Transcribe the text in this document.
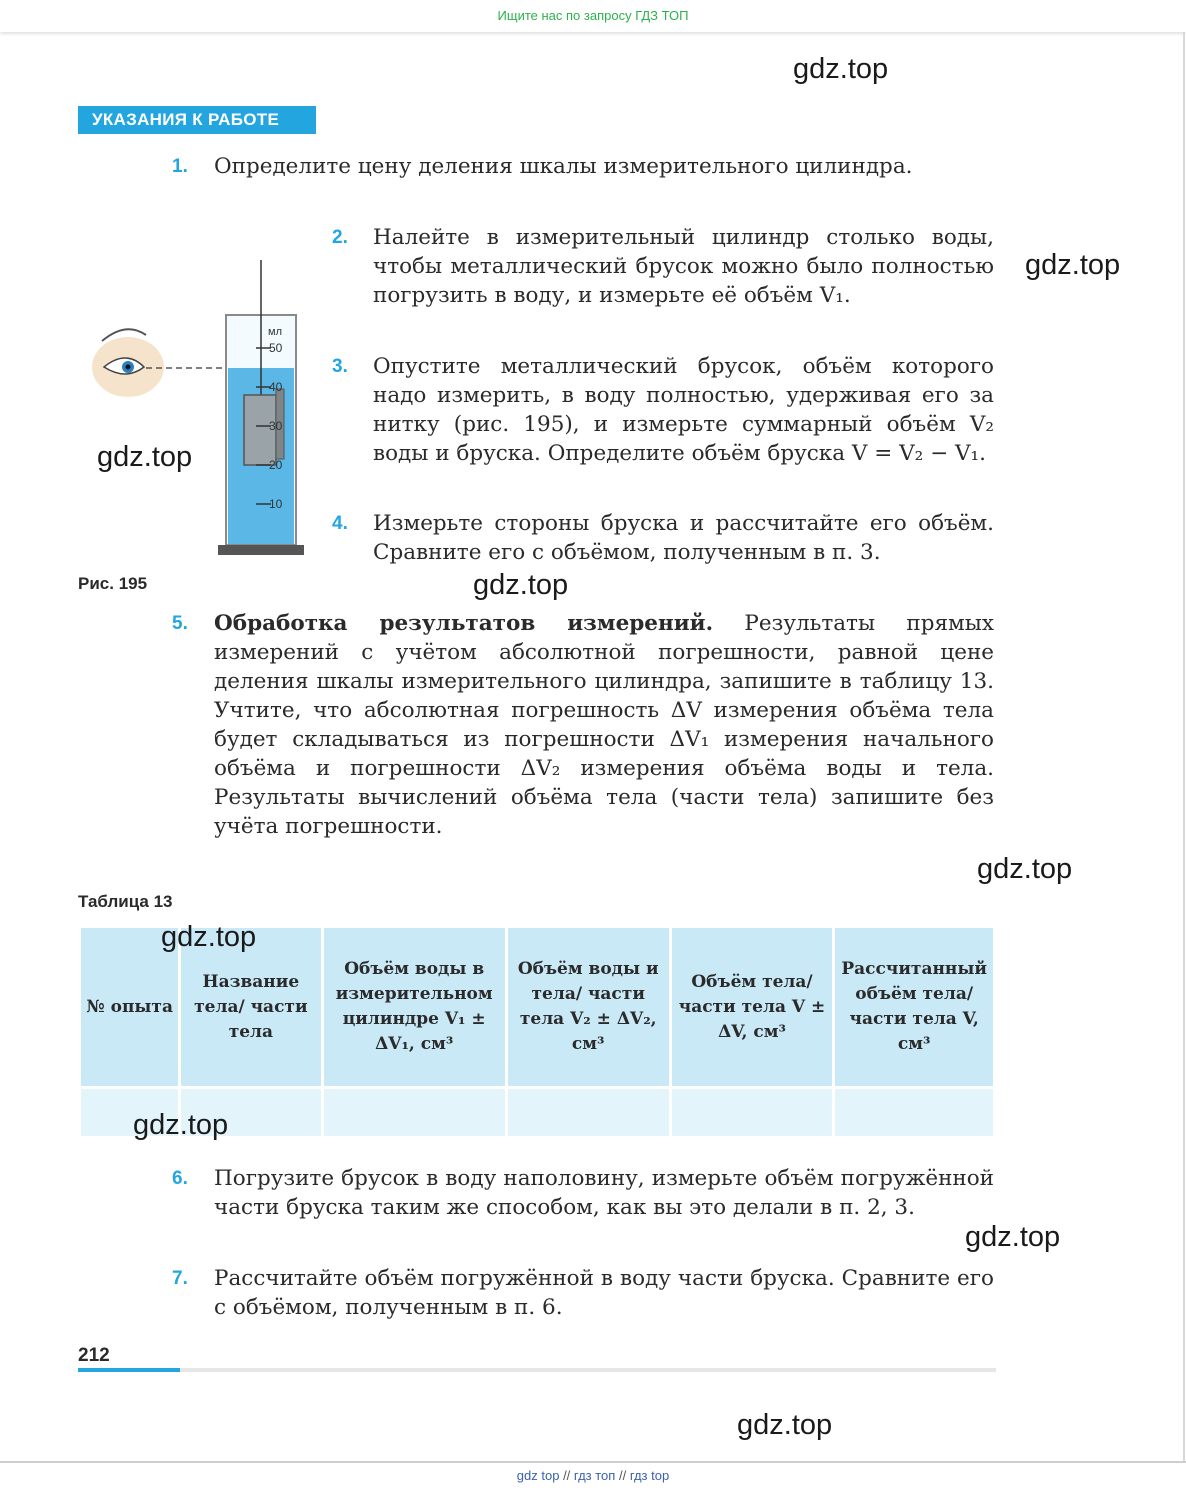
Ищите нас по запросу ГДЗ ТОП
УКАЗАНИЯ К РАБОТЕ
1. Определите цену деления шкалы измерительного цилиндра.
2. Налейте в измерительный цилиндр столько воды, чтобы металлический брусок можно было полностью погрузить в воду, и измерьте её объём V₁.
3. Опустите металлический брусок, объём которого надо измерить, в воду полностью, удерживая его за нитку (рис. 195), и измерьте суммарный объём V₂ воды и бруска. Определите объём бруска V = V₂ − V₁.
4. Измерьте стороны бруска и рассчитайте его объём. Сравните его с объёмом, полученным в п. 3.
мл
50
40
30
20
10
Рис. 195
5. Обработка результатов измерений. Результаты прямых измерений с учётом абсолютной погрешности, равной цене деления шкалы измерительного цилиндра, запишите в таблицу 13. Учтите, что абсолютная погрешность ΔV измерения объёма тела будет складываться из погрешности ΔV₁ измерения начального объёма и погрешности ΔV₂ измерения объёма воды и тела. Результаты вычислений объёма тела (части тела) запишите без учёта погрешности.
Таблица 13
№ опыта	Название тела/ части тела	Объём воды в измерительном цилиндре V₁ ± ΔV₁, см³	Объём воды и тела/ части тела V₂ ± ΔV₂, см³	Объём тела/ части тела V ± ΔV, см³	Рассчитанный объём тела/части тела V, см³

6. Погрузите брусок в воду наполовину, измерьте объём погружённой части бруска таким же способом, как вы это делали в п. 2, 3.
7. Рассчитайте объём погружённой в воду части бруска. Сравните его с объёмом, полученным в п. 6.
212
gdz.top
gdz.top
gdz.top
gdz.top
gdz.top
gdz.top
gdz.top
gdz.top
gdz.top
gdz top // гдз топ // гдз top
